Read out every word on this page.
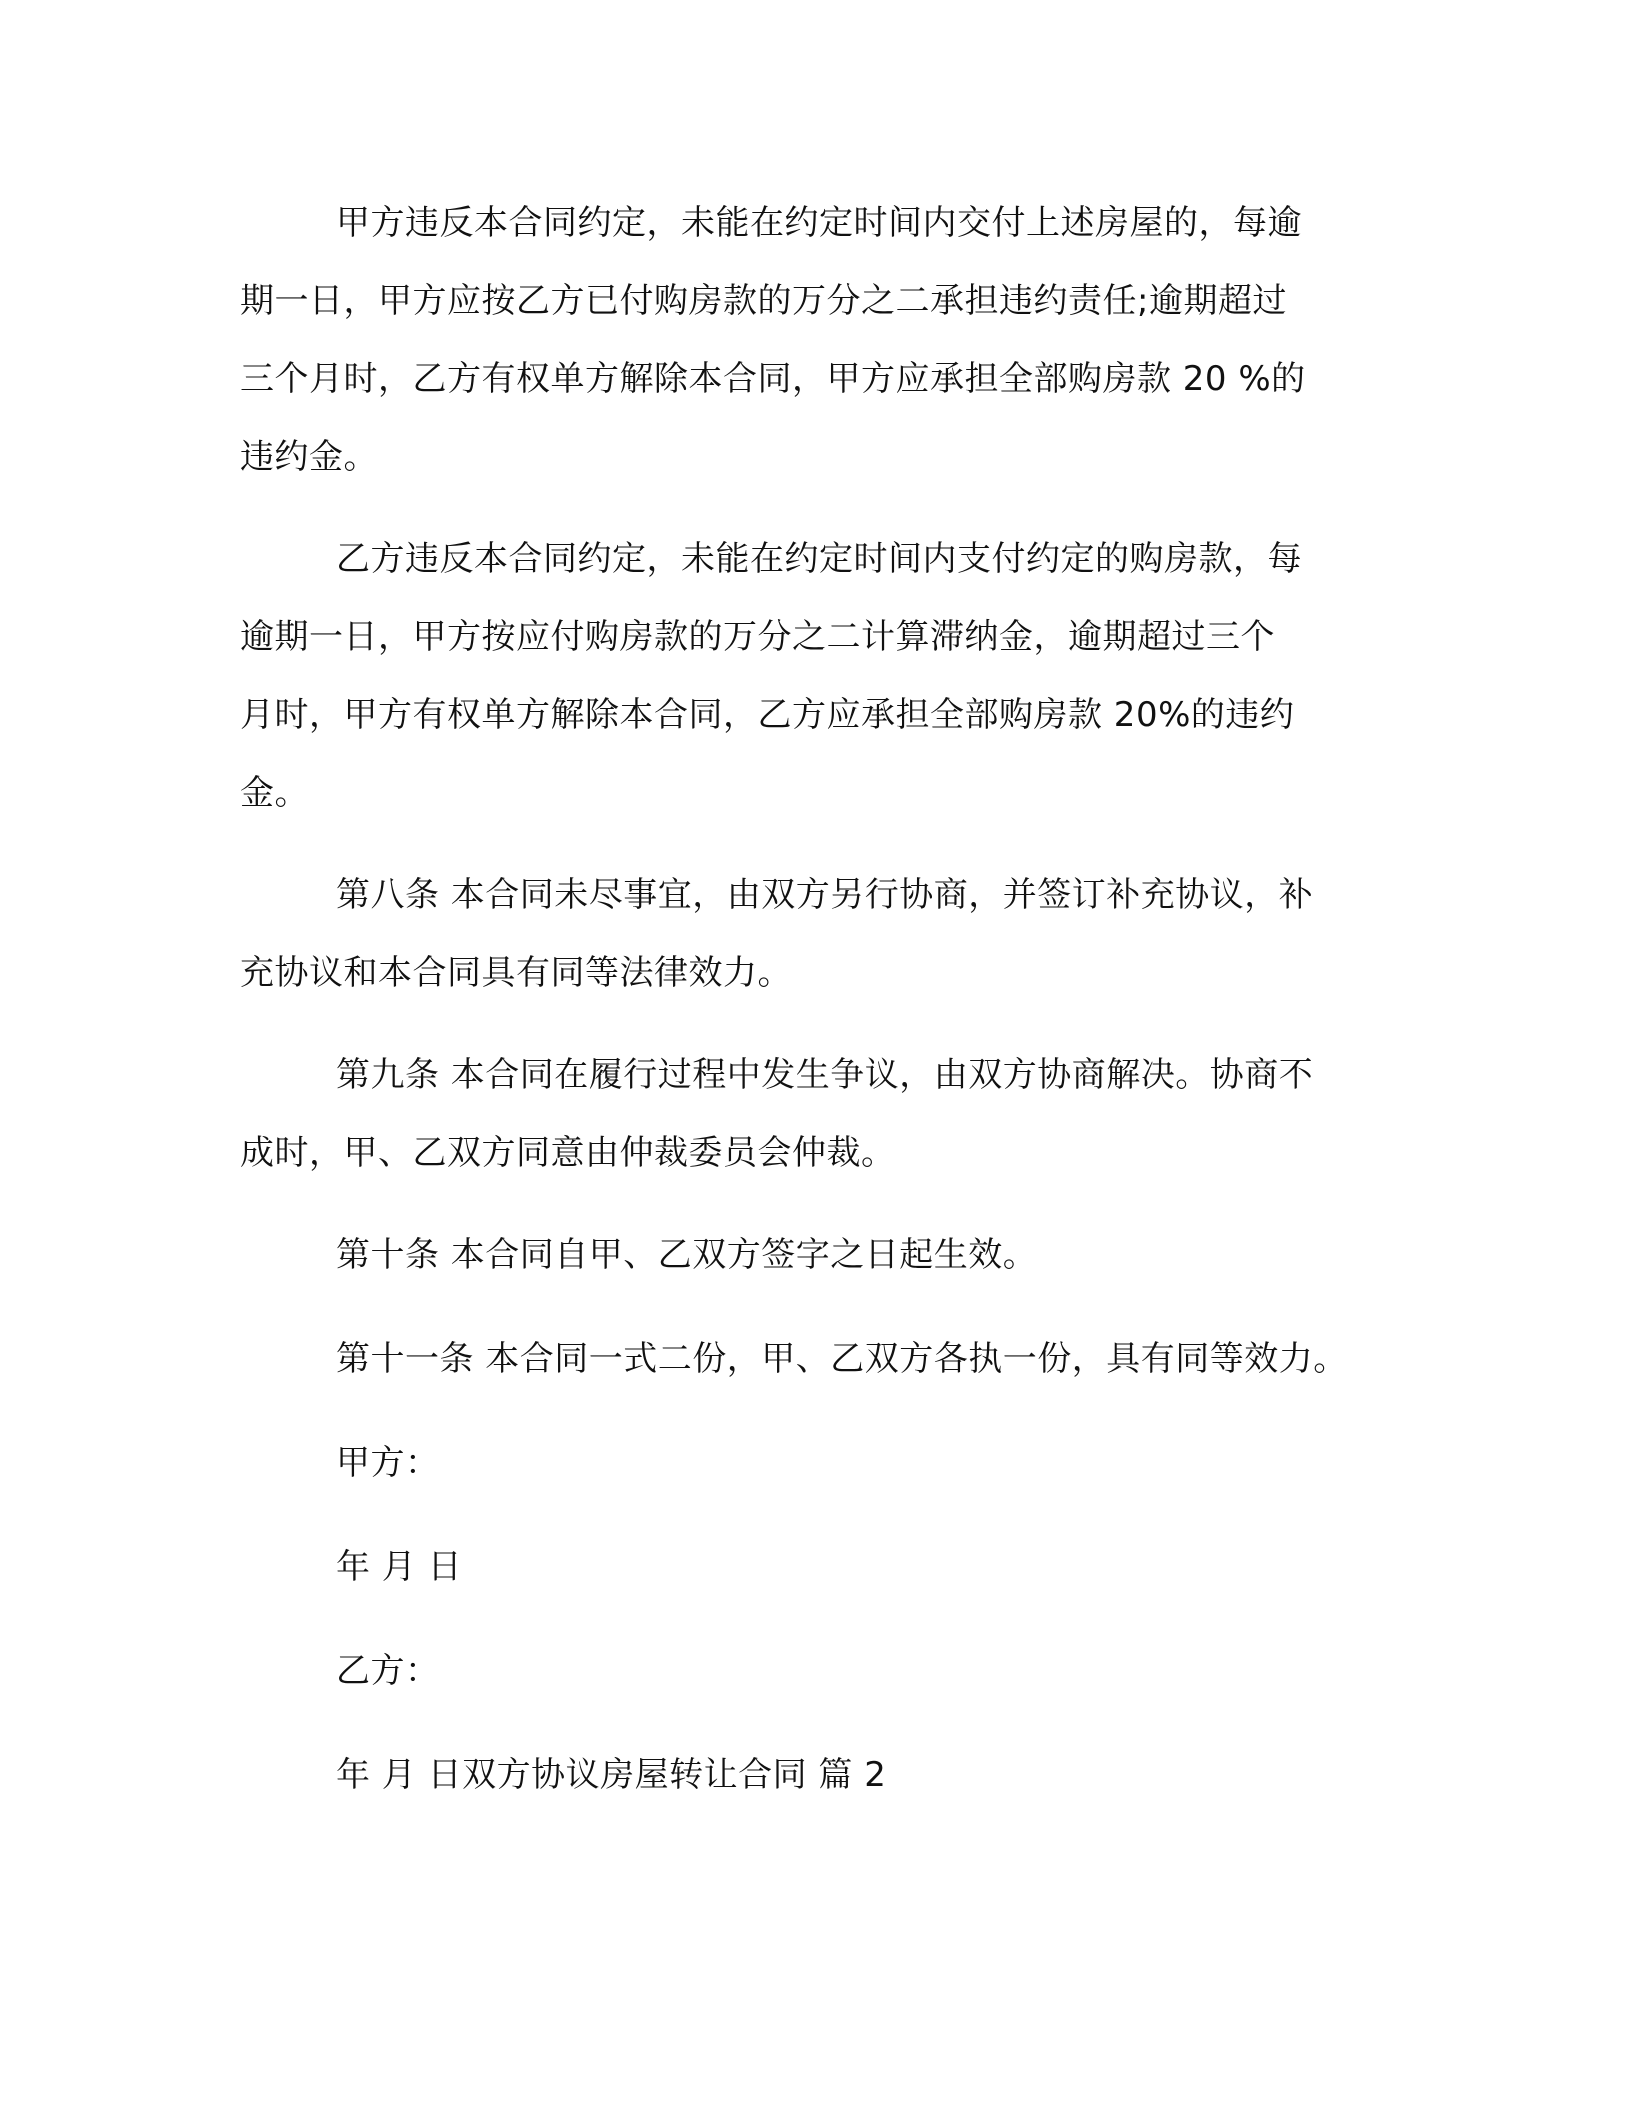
甲方违反本合同约定，未能在约定时间内交付上述房屋的，每逾
期一日，甲方应按乙方已付购房款的万分之二承担违约责任;逾期超过
三个月时，乙方有权单方解除本合同，甲方应承担全部购房款 20 %的
违约金。
乙方违反本合同约定，未能在约定时间内支付约定的购房款，每
逾期一日，甲方按应付购房款的万分之二计算滞纳金，逾期超过三个
月时，甲方有权单方解除本合同，乙方应承担全部购房款 20%的违约
金。
第八条 本合同未尽事宜，由双方另行协商，并签订补充协议，补
充协议和本合同具有同等法律效力。
第九条 本合同在履行过程中发生争议，由双方协商解决。协商不
成时，甲、乙双方同意由仲裁委员会仲裁。
第十条 本合同自甲、乙双方签字之日起生效。
第十一条 本合同一式二份，甲、乙双方各执一份，具有同等效力。
甲方：
年 月 日
乙方：
年 月 日双方协议房屋转让合同 篇 2
